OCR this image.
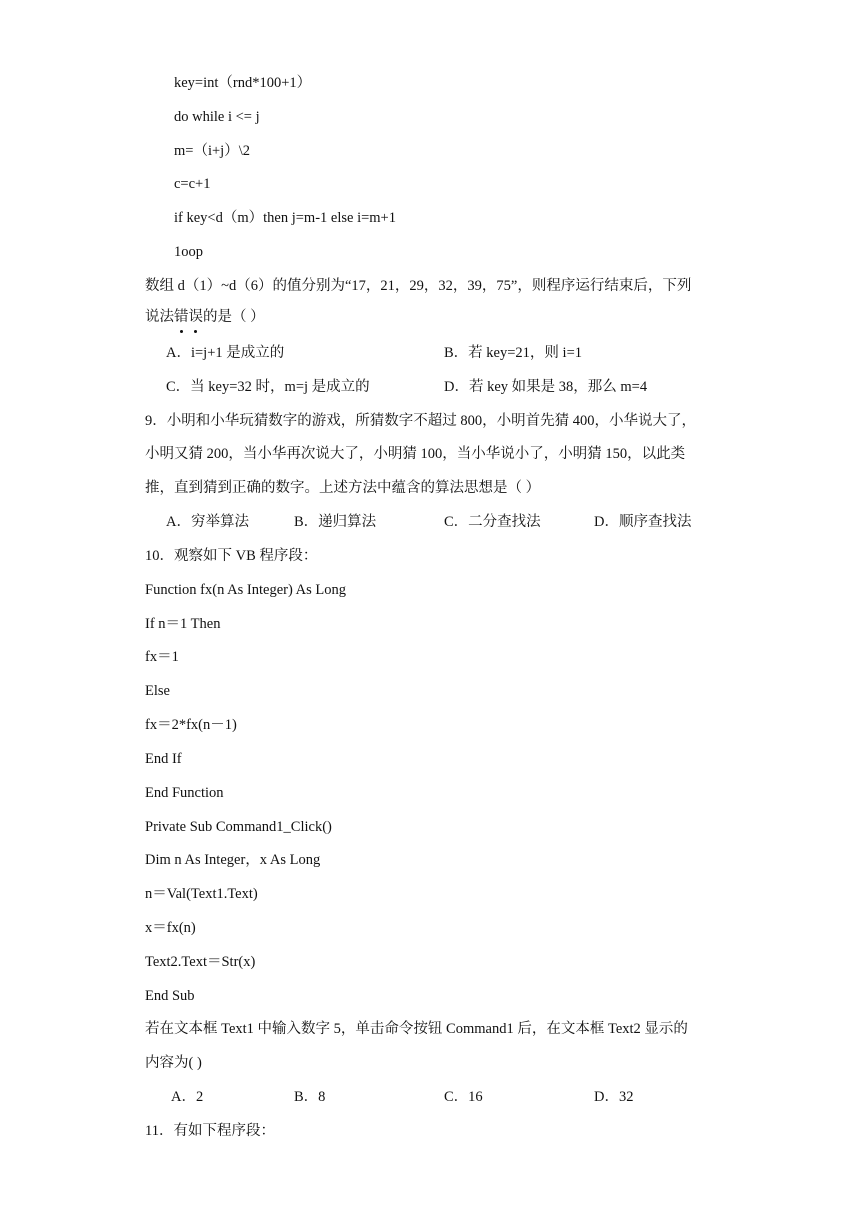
key=int（rnd*100+1）
do while i <= j
m=（i+j）\2
c=c+1
if key<d（m）then j=m-1 else i=m+1
1oop
数组 d（1）~d（6）的值分别为“17，21，29，32，39，75”，则程序运行结束后，下列
说法错误的是（ ）
A．i=j+1 是成立的	B．若 key=21，则 i=1
C．当 key=32 时，m=j 是成立的	D．若 key 如果是 38，那么 m=4
9．小明和小华玩猜数字的游戏，所猜数字不超过 800，小明首先猜 400，小华说大了，
小明又猜 200，当小华再次说大了，小明猜 100，当小华说小了，小明猜 150，以此类
推，直到猜到正确的数字。上述方法中蕴含的算法思想是（ ）
A．穷举算法	B．递归算法	C．二分查找法	D．顺序查找法
10．观察如下 VB 程序段：
Function fx(n As Integer) As Long
If n＝1 Then
fx＝1
Else
fx＝2*fx(n－1)
End If
End Function
Private Sub Command1_Click()
Dim n As Integer，x As Long
n＝Val(Text1.Text)
x＝fx(n)
Text2.Text＝Str(x)
End Sub
若在文本框 Text1 中输入数字 5，单击命令按钮 Command1 后，在文本框 Text2 显示的
内容为( )
A．2	B．8	C．16	D．32
11．有如下程序段：
